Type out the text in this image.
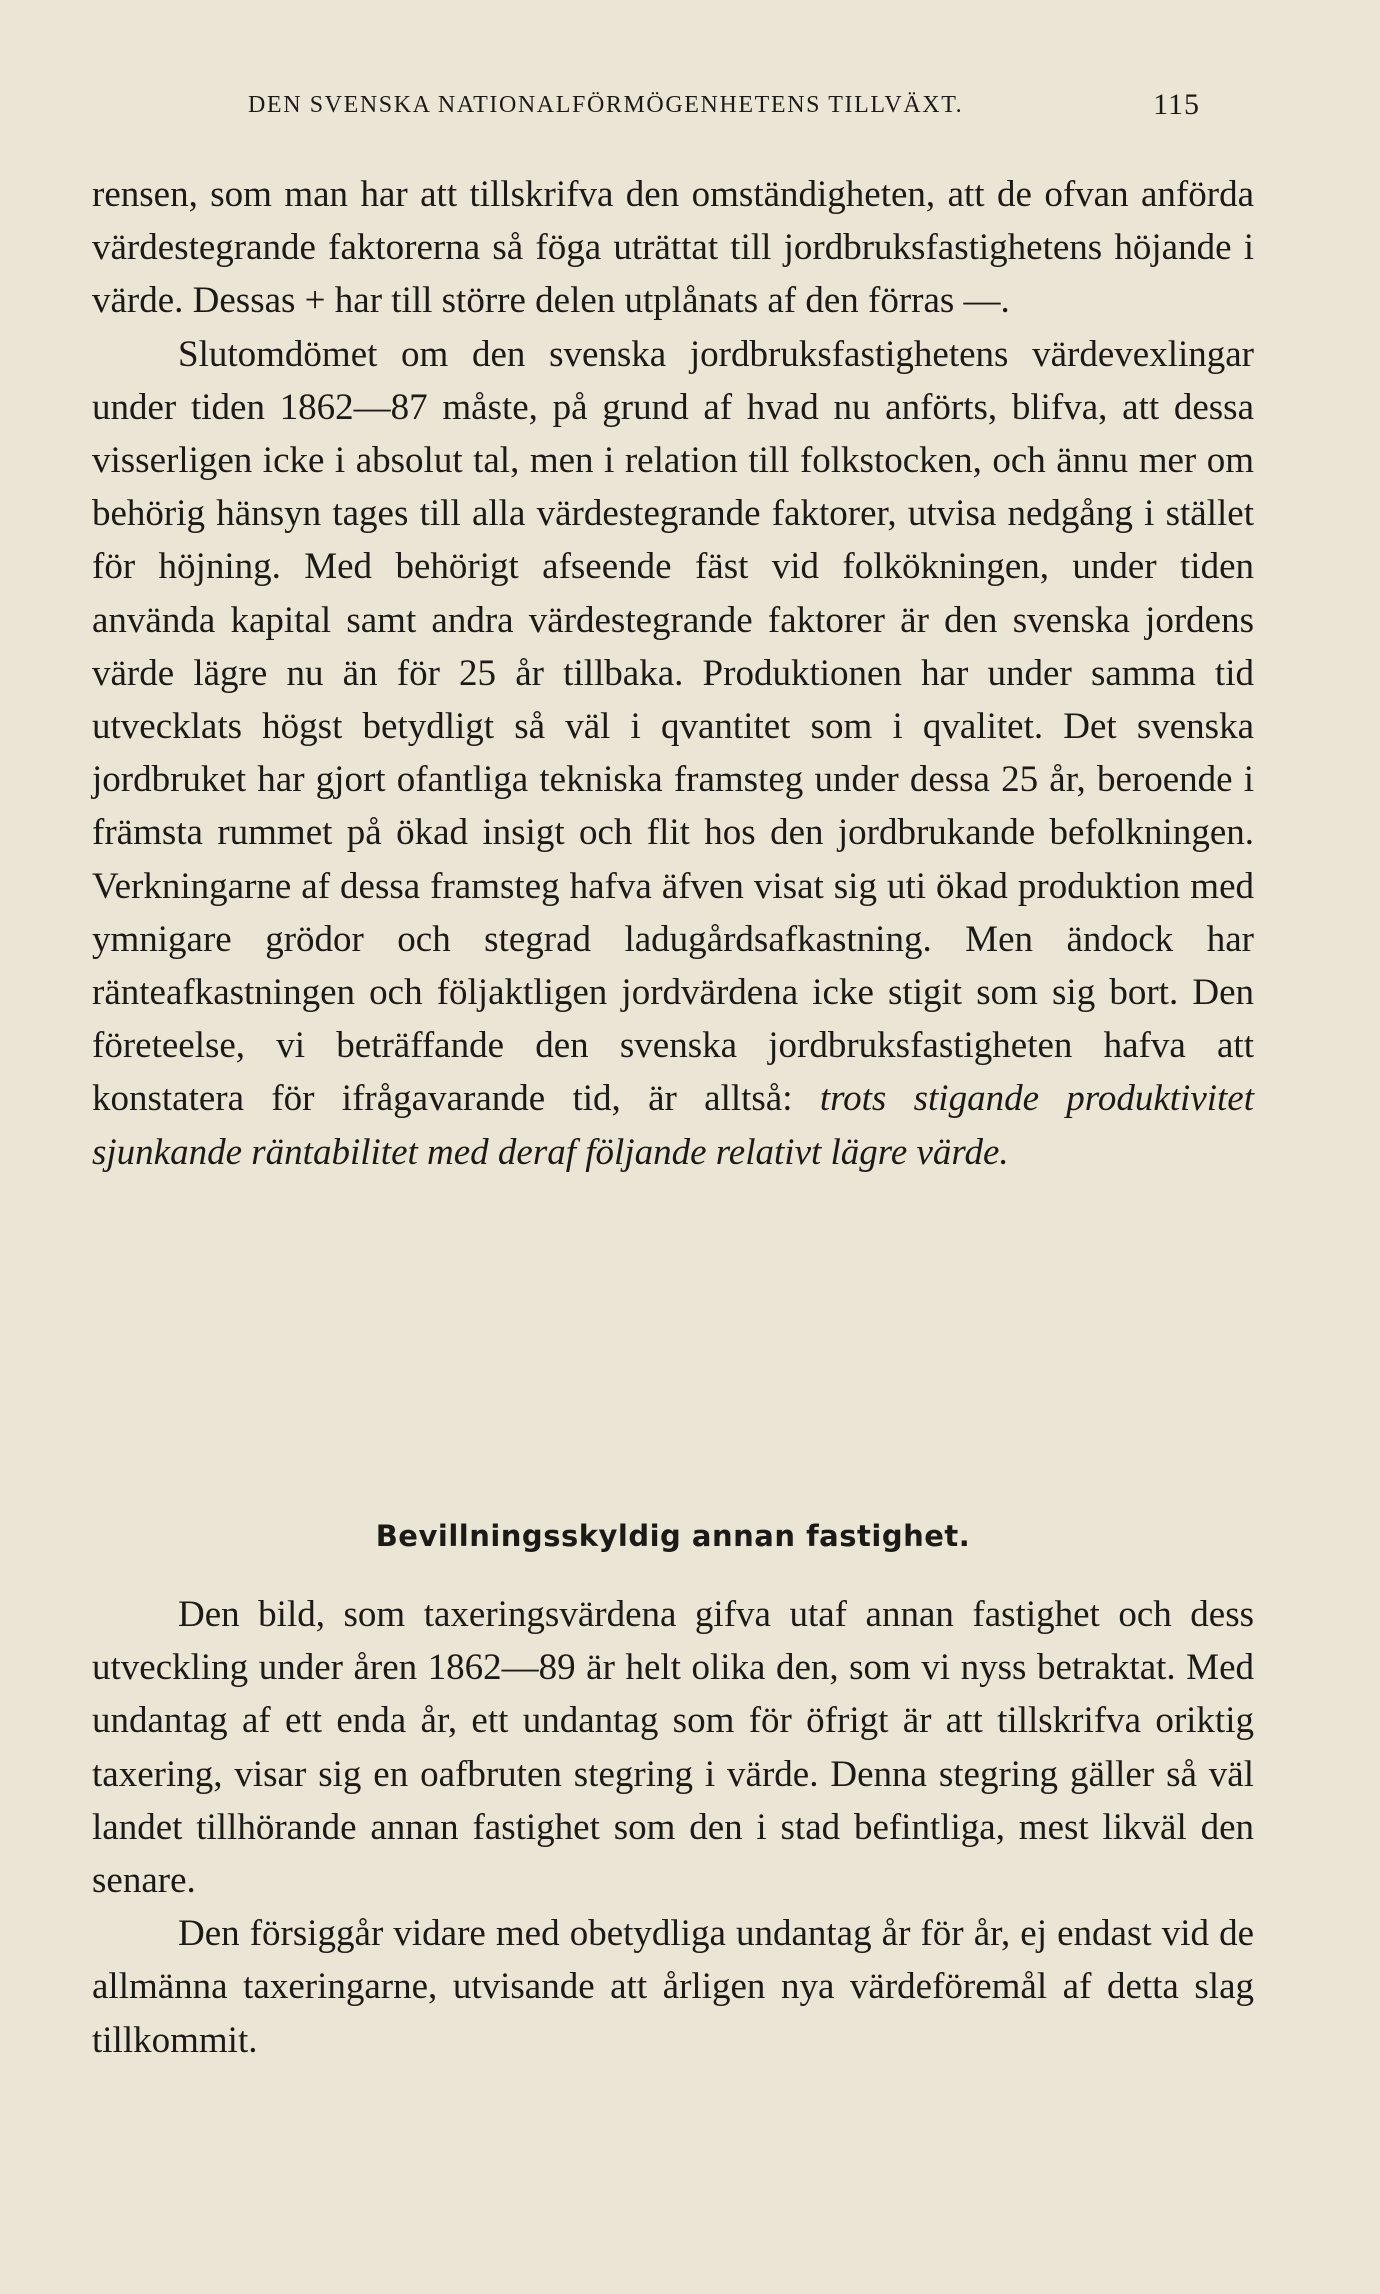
DEN SVENSKA NATIONALFÖRMÖGENHETENS TILLVÄXT.	115

rensen, som man har att tillskrifva den omständigheten, att de ofvan anförda värdestegrande faktorerna så föga uträttat till jordbruksfastighetens höjande i värde. Dessas + har till större delen utplånats af den förras —.

Slutomdömet om den svenska jordbruksfastighetens värdevexlingar under tiden 1862—87 måste, på grund af hvad nu anförts, blifva, att dessa visserligen icke i absolut tal, men i relation till folkstocken, och ännu mer om behörig hänsyn tages till alla värdestegrande faktorer, utvisa nedgång i stället för höjning. Med behörigt afseende fäst vid folkökningen, under tiden använda kapital samt andra värdestegrande faktorer är den svenska jordens värde lägre nu än för 25 år tillbaka. Produktionen har under samma tid utvecklats högst betydligt så väl i qvantitet som i qvalitet. Det svenska jordbruket har gjort ofantliga tekniska framsteg under dessa 25 år, beroende i främsta rummet på ökad insigt och flit hos den jordbrukande befolkningen. Verkningarne af dessa framsteg hafva äfven visat sig uti ökad produktion med ymnigare grödor och stegrad ladugårdsafkastning. Men ändock har ränteafkastningen och följaktligen jordvärdena icke stigit som sig bort. Den företeelse, vi beträffande den svenska jordbruksfastigheten hafva att konstatera för ifrågavarande tid, är alltså: trots stigande produktivitet sjunkande räntabilitet med deraf följande relativt lägre värde.

Bevillningsskyldig annan fastighet.

Den bild, som taxeringsvärdena gifva utaf annan fastighet och dess utveckling under åren 1862—89 är helt olika den, som vi nyss betraktat. Med undantag af ett enda år, ett undantag som för öfrigt är att tillskrifva oriktig taxering, visar sig en oafbruten stegring i värde. Denna stegring gäller så väl landet tillhörande annan fastighet som den i stad befintliga, mest likväl den senare.

Den försiggår vidare med obetydliga undantag år för år, ej endast vid de allmänna taxeringarne, utvisande att årligen nya värdeföremål af detta slag tillkommit.
